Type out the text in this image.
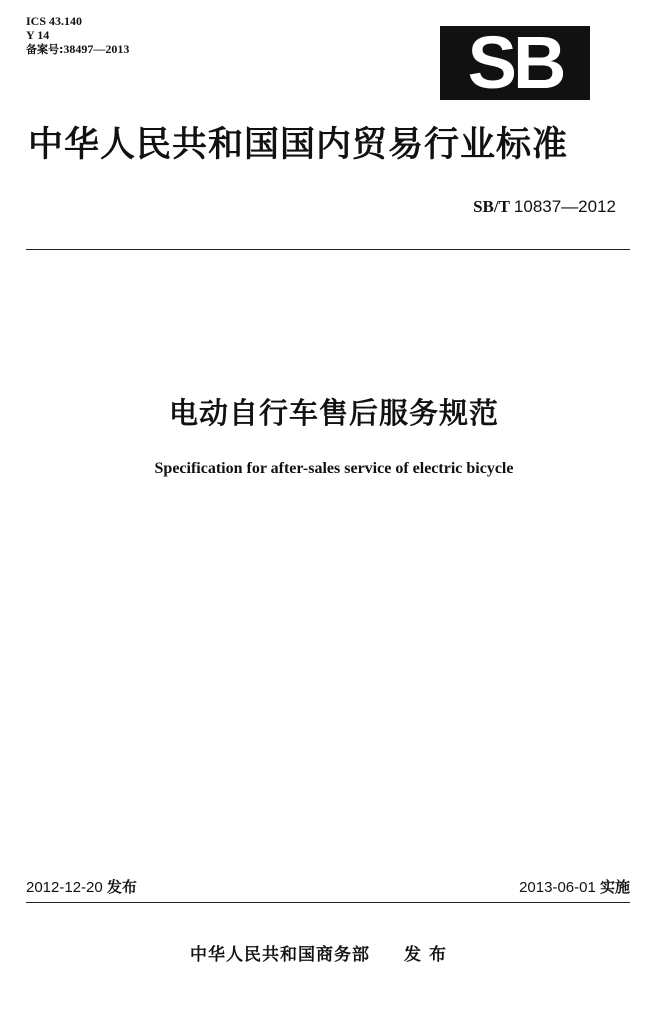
ICS 43.140
Y 14
备案号:38497—2013	SB
中华人民共和国国内贸易行业标准
SB/T 10837—2012
电动自行车售后服务规范
Specification for after-sales service of electric bicycle
2012-12-20 发布	2013-06-01 实施
中华人民共和国商务部 发布
